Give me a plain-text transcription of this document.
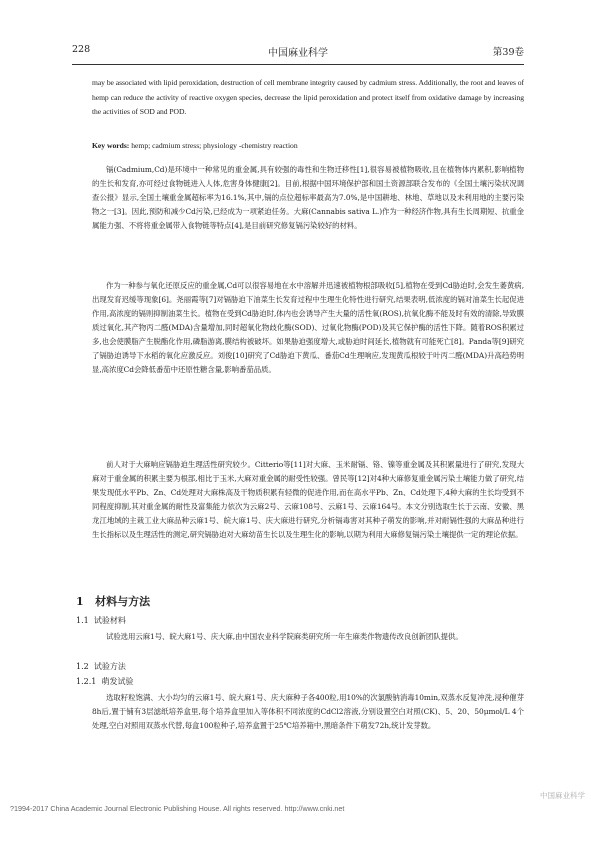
228	中国麻业科学	第39卷

may be associated with lipid peroxidation, destruction of cell membrane integrity caused by cadmium stress. Additionally, the root and leaves of hemp can reduce the activity of reactive oxygen species, decrease the lipid peroxidation and protect itself from oxidative damage by increasing the activities of SOD and POD.

Key words: hemp; cadmium stress; physiology -chemistry reaction

镉(Cadmium,Cd)是环境中一种常见的重金属,具有较强的毒性和生物迁移性[1],很容易被植物吸收,且在植物体内累积,影响植物的生长和发育,亦可经过食物链进入人体,危害身体健康[2]。目前,根据中国环境保护部和国土资源部联合发布的《全国土壤污染状况调查公报》显示,全国土壤重金属超标率为16.1%,其中,镉的点位超标率最高为7.0%,是中国耕地、林地、草地以及未利用地的主要污染物之一[3]。因此,预防和减少Cd污染,已经成为一项紧迫任务。大麻(Cannabis sativa L.)作为一种经济作物,具有生长周期短、抗重金属能力强、不将将重金属带入食物链等特点[4],是目前研究修复镉污染较好的材料。

作为一种参与氧化还原反应的重金属,Cd可以很容易地在水中溶解并迅速被植物根部吸收[5],植物在受到Cd胁迫时,会发生萎黄病,出现发育迟缓等现象[6]。尧丽霞等[7]对镉胁迫下油菜生长发育过程中生理生化特性进行研究,结果表明,低浓度的镉对油菜生长起促进作用,高浓度的镉则抑制油菜生长。植物在受到Cd胁迫时,体内也会诱导产生大量的活性氧(ROS),抗氧化酶不能及时有效的清除,导致膜质过氧化,其产物丙二醛(MDA)含量增加,同时超氧化物歧化酶(SOD)、过氧化物酶(POD)及其它保护酶的活性下降。随着ROS积累过多,也会使膜脂产生脱酯化作用,磷脂游离,膜结构被破坏。如果胁迫强度增大,或胁迫时间延长,植物就有可能死亡[8]。Panda等[9]研究了镉胁迫诱导下水稻的氧化应激反应。刘俊[10]研究了Cd胁迫下黄瓜、番茄Cd生理响应,发现黄瓜根较于叶丙二醛(MDA)升高趋势明显,高浓度Cd会降低番茄中还原性糖含量,影响番茄品质。

前人对于大麻响应镉胁迫生理活性研究较少。Citterio等[11]对大麻、玉米耐镉、铬、镍等重金属及其积累量进行了研究,发现大麻对于重金属的积累主要为根部,相比于玉米,大麻对重金属的耐受性较强。曾民等[12]对4种大麻修复重金属污染土壤能力做了研究,结果发现低水平Pb、Zn、Cd处理对大麻株高及干物质积累有轻微的促进作用,而在高水平Pb、Zn、Cd处理下,4种大麻的生长均受到不同程度抑制,其对重金属的耐性及富集能力依次为云麻2号、云麻108号、云麻1号、云麻164号。本文分别选取生长于云南、安徽、黑龙江地域的主栽工业大麻品种云麻1号、皖大麻1号、庆大麻进行研究,分析镉毒害对其种子萌发的影响,并对耐镉性强的大麻品种进行生长指标以及生理活性的测定,研究镉胁迫对大麻幼苗生长以及生理生化的影响,以期为利用大麻修复镉污染土壤提供一定的理论依据。

1 材料与方法
1.1 试验材料

试验选用云麻1号、皖大麻1号、庆大麻,由中国农业科学院麻类研究所一年生麻类作物遗传改良创新团队提供。

1.2 试验方法
1.2.1 萌发试验

选取籽粒饱满、大小均匀的云麻1号、皖大麻1号、庆大麻种子各400粒,用10%的次氯酸钠消毒10min,双蒸水反复冲洗,浸种催芽8h后,置于铺有3层滤纸培养盒里,每个培养盒里加入等体积不同浓度的CdCl2溶液,分别设置空白对照(CK)、5、20、50μmol/L 4个处理,空白对照用双蒸水代替,每盒100粒种子,培养盒置于25℃培养箱中,黑暗条件下萌发72h,统计发芽数。

?1994-2017 China Academic Journal Electronic Publishing House. All rights reserved. http://www.cnki.net
中国麻业科学
